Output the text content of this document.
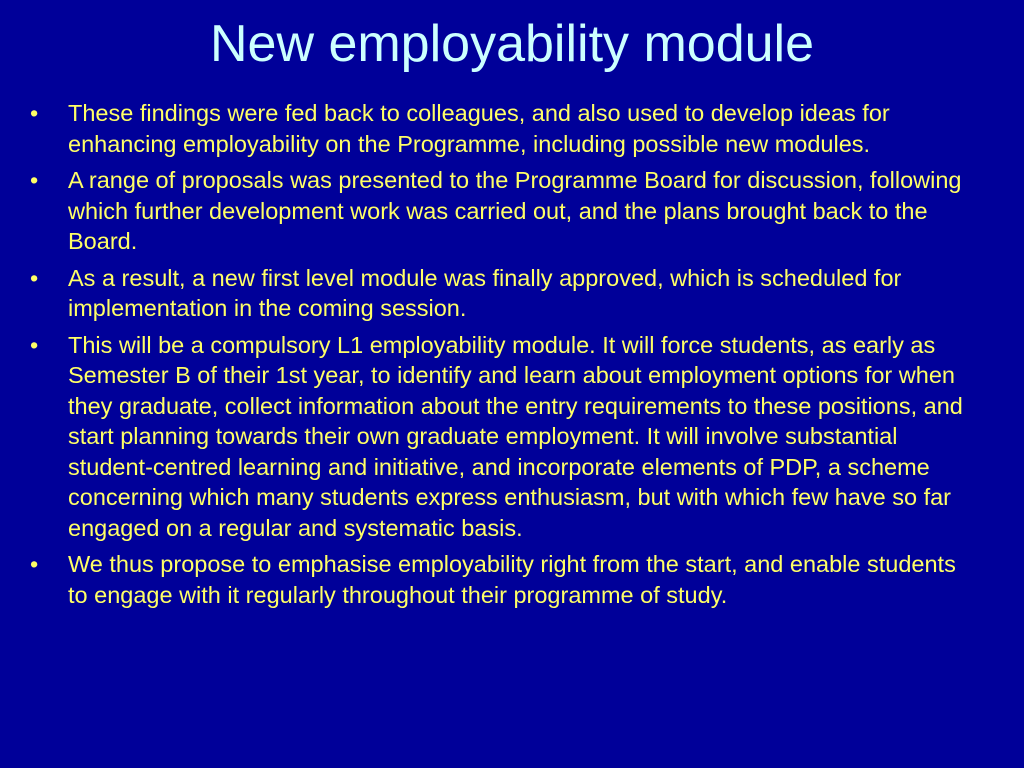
New employability module
•	These findings were fed back to colleagues, and also used to develop ideas for enhancing employability on the Programme, including possible new modules.
•	A range of proposals was presented to the Programme Board for discussion, following which further development work was carried out, and the plans brought back to the Board.
•	As a result, a new first level module was finally approved, which is scheduled for implementation in the coming session.
•	This will be a compulsory L1 employability module. It will force students, as early as Semester B of their 1st year, to identify and learn about employment options for when they graduate, collect information about the entry requirements to these positions, and start planning towards their own graduate employment. It will involve substantial student-centred learning and initiative, and incorporate elements of PDP, a scheme concerning which many students express enthusiasm, but with which few have so far engaged on a regular and systematic basis.
•	We thus propose to emphasise employability right from the start, and enable students to engage with it regularly throughout their programme of study.
